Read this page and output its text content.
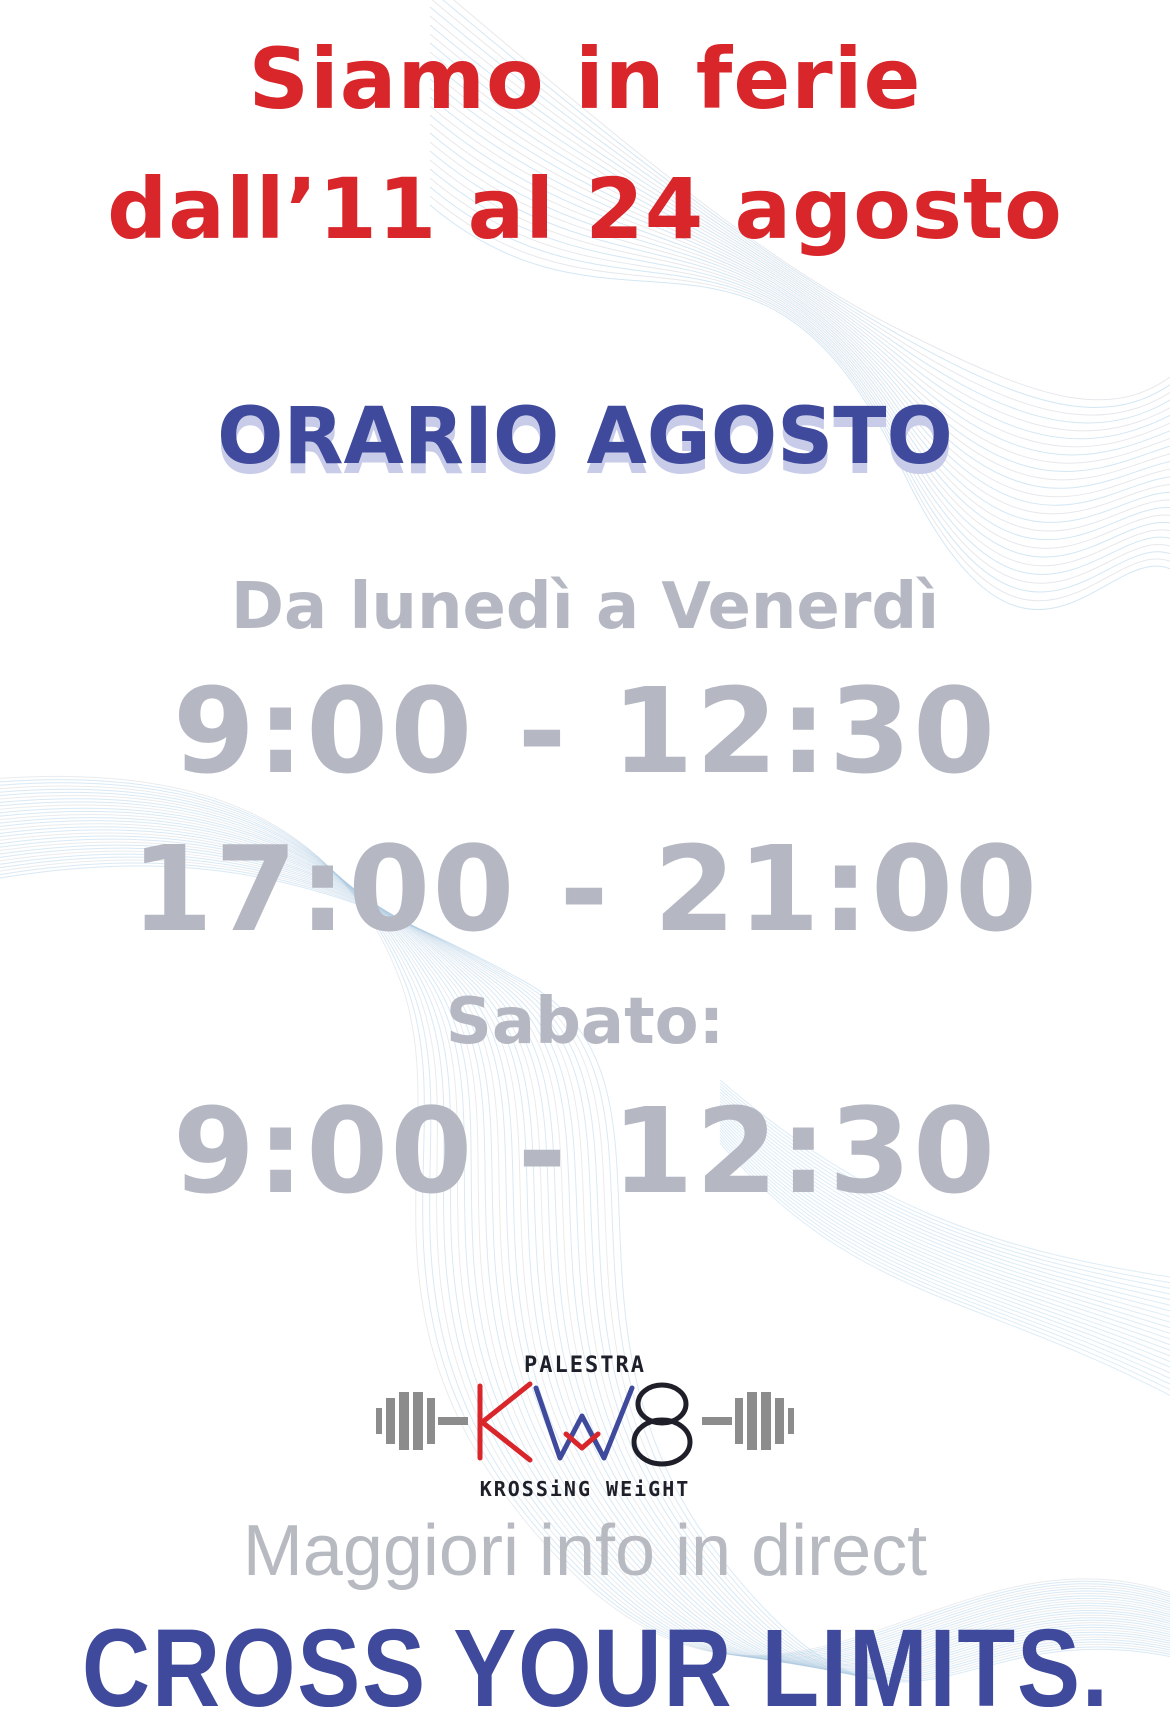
Siamo in ferie
dall’11 al 24 agosto
ORARIO AGOSTO
Da lunedì a Venerdì
9:00 - 12:30
17:00 - 21:00
Sabato:
9:00 - 12:30
Maggiori info in direct
CROSS YOUR LIMITS.
PALESTRA
KROSSiNG WEiGHT
